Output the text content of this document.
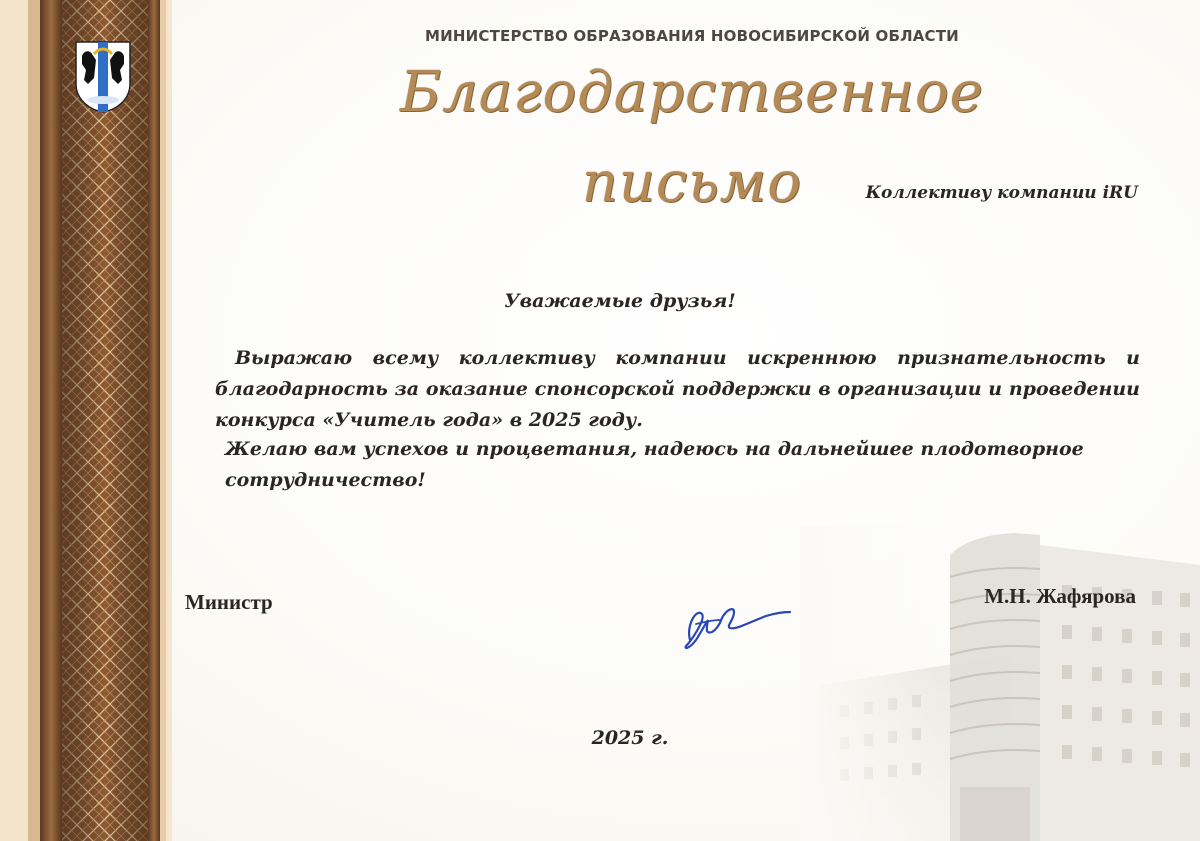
МИНИСТЕРСТВО ОБРАЗОВАНИЯ НОВОСИБИРСКОЙ ОБЛАСТИ
Благодарственное письмо	Коллективу компании iRU
Уважаемые друзья!
Выражаю всему коллективу компании искреннюю признательность и благодарность за оказание спонсорской поддержки в организации и проведении конкурса «Учитель года» в 2025 году.
Желаю вам успехов и процветания, надеюсь на дальнейшее плодотворное сотрудничество!
Министр	М.Н. Жафярова
2025 г.
